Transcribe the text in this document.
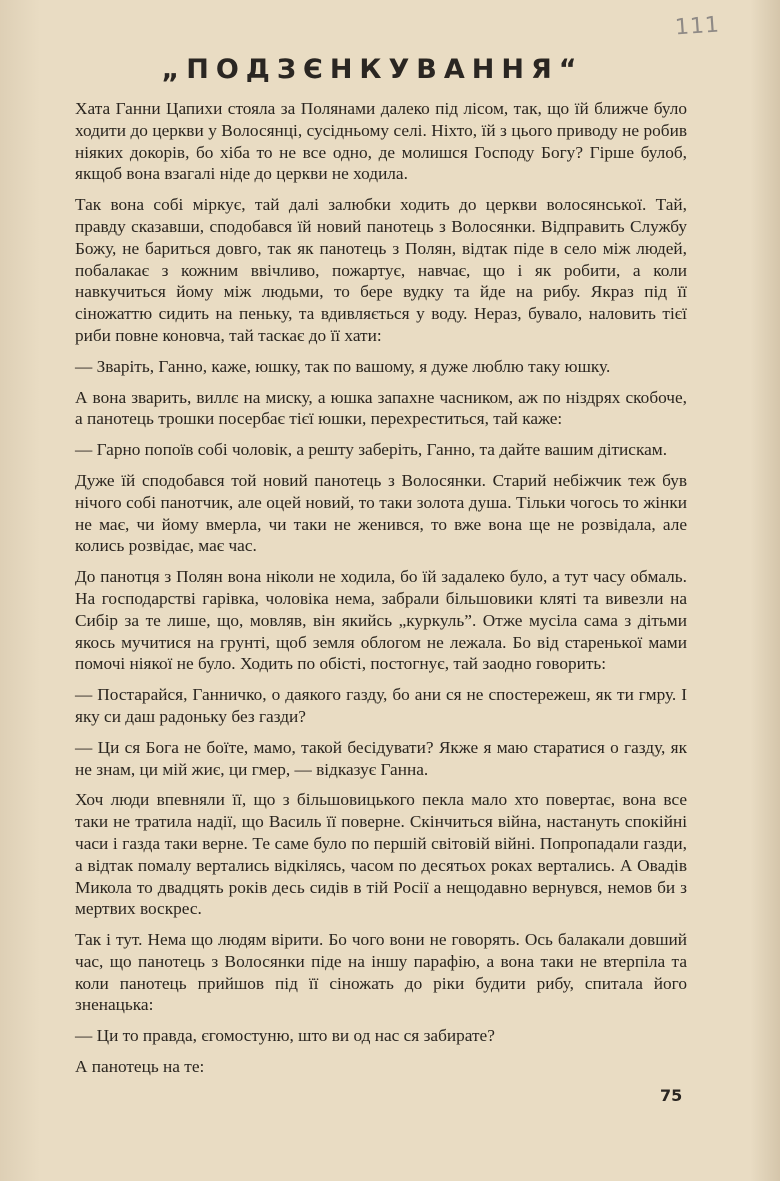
111
„ПОДЗЄНКУВАННЯ“

Хата Ганни Цапихи стояла за Полянами далеко під лісом, так, що їй ближче було ходити до церкви у Волосянці, сусідньому селі. Ніхто, їй з цього приводу не робив ніяких докорів, бо хіба то не все одно, де молишся Господу Богу? Гірше булоб, якщоб вона взагалі ніде до церкви не ходила.

Так вона собі міркує, тай далі залюбки ходить до церкви волосянської. Тай, правду сказавши, сподобався їй новий панотець з Волосянки. Відправить Службу Божу, не бариться довго, так як панотець з Полян, відтак піде в село між людей, побалакає з кожним ввічливо, пожартує, навчає, що і як робити, а коли навкучиться йому між людьми, то бере вудку та йде на рибу. Якраз під її сіножаттю сидить на пеньку, та вдивляється у воду. Нераз, бувало, наловить тієї риби повне коновча, тай таскає до її хати:

— Зваріть, Ганно, каже, юшку, так по вашому, я дуже люблю таку юшку.

А вона зварить, виллє на миску, а юшка запахне часником, аж по ніздрях скобоче, а панотець трошки посербає тієї юшки, перехреститься, тай каже:

— Гарно попоїв собі чоловік, а решту заберіть, Ганно, та дайте вашим дітискам.

Дуже їй сподобався той новий панотець з Волосянки. Старий небіжчик теж був нічого собі панотчик, але оцей новий, то таки золота душа. Тільки чогось то жінки не має, чи йому вмерла, чи таки не женився, то вже вона ще не розвідала, але колись розвідає, має час.

До панотця з Полян вона ніколи не ходила, бо їй задалеко було, а тут часу обмаль. На господарстві гарівка, чоловіка нема, забрали більшовики кляті та вивезли на Сибір за те лише, що, мовляв, він якийсь „куркуль”. Отже мусіла сама з дітьми якось мучитися на грунті, щоб земля облогом не лежала. Бо від старенької мами помочі ніякої не було. Ходить по обісті, постогнує, тай заодно говорить:

— Постарайся, Ганничко, о даякого газду, бо ани ся не спостережеш, як ти гмру. І яку си даш радоньку без газди?

— Ци ся Бога не боїте, мамо, такой бесідувати? Якже я маю старатися о газду, як не знам, ци мій жиє, ци гмер, — відказує Ганна.

Хоч люди впевняли її, що з більшовицького пекла мало хто повертає, вона все таки не тратила надії, що Василь її поверне. Скінчиться війна, настануть спокійні часи і газда таки верне. Те саме було по першій світовій війні. Попропадали газди, а відтак помалу вертались відкілясь, часом по десятьох роках вертались. А Овадів Микола то двадцять років десь сидів в тій Росії а нещодавно вернувся, немов би з мертвих воскрес.

Так і тут. Нема що людям вірити. Бо чого вони не говорять. Ось балакали довший час, що панотець з Волосянки піде на іншу парафію, а вона таки не втерпіла та коли панотець прийшов під її сіножать до ріки будити рибу, спитала його зненацька:

— Ци то правда, єгомостуню, што ви од нас ся забирате?

А панотець на те:

75
